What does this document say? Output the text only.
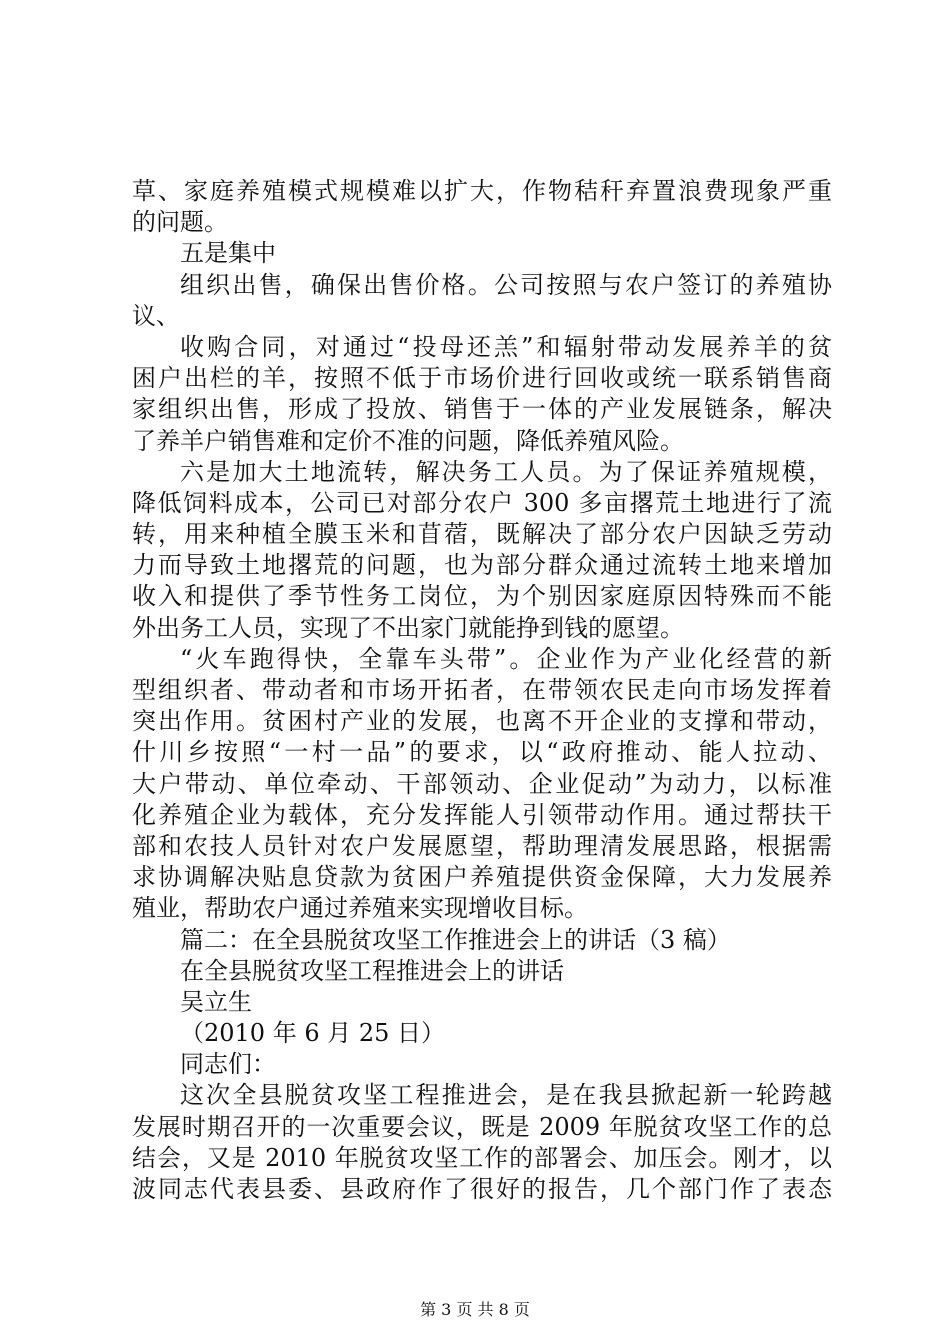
草、家庭养殖模式规模难以扩大，作物秸秆弃置浪费现象严重
的问题。
五是集中
组织出售，确保出售价格。公司按照与农户签订的养殖协
议、
收购合同，对通过“投母还羔”和辐射带动发展养羊的贫
困户出栏的羊，按照不低于市场价进行回收或统一联系销售商
家组织出售，形成了投放、销售于一体的产业发展链条，解决
了养羊户销售难和定价不准的问题，降低养殖风险。
六是加大土地流转，解决务工人员。为了保证养殖规模，
降低饲料成本，公司已对部分农户 300 多亩撂荒土地进行了流
转，用来种植全膜玉米和苜蓿，既解决了部分农户因缺乏劳动
力而导致土地撂荒的问题，也为部分群众通过流转土地来增加
收入和提供了季节性务工岗位，为个别因家庭原因特殊而不能
外出务工人员，实现了不出家门就能挣到钱的愿望。
“火车跑得快，全靠车头带”。企业作为产业化经营的新
型组织者、带动者和市场开拓者，在带领农民走向市场发挥着
突出作用。贫困村产业的发展，也离不开企业的支撑和带动，
什川乡按照“一村一品”的要求，以“政府推动、能人拉动、
大户带动、单位牵动、干部领动、企业促动”为动力，以标准
化养殖企业为载体，充分发挥能人引领带动作用。通过帮扶干
部和农技人员针对农户发展愿望，帮助理清发展思路，根据需
求协调解决贴息贷款为贫困户养殖提供资金保障，大力发展养
殖业，帮助农户通过养殖来实现增收目标。
篇二：在全县脱贫攻坚工作推进会上的讲话（3 稿）
在全县脱贫攻坚工程推进会上的讲话
吴立生
（2010 年 6 月 25 日）
同志们：
这次全县脱贫攻坚工程推进会，是在我县掀起新一轮跨越
发展时期召开的一次重要会议，既是 2009 年脱贫攻坚工作的总
结会，又是 2010 年脱贫攻坚工作的部署会、加压会。刚才，以
波同志代表县委、县政府作了很好的报告，几个部门作了表态
第 3 页 共 8 页
